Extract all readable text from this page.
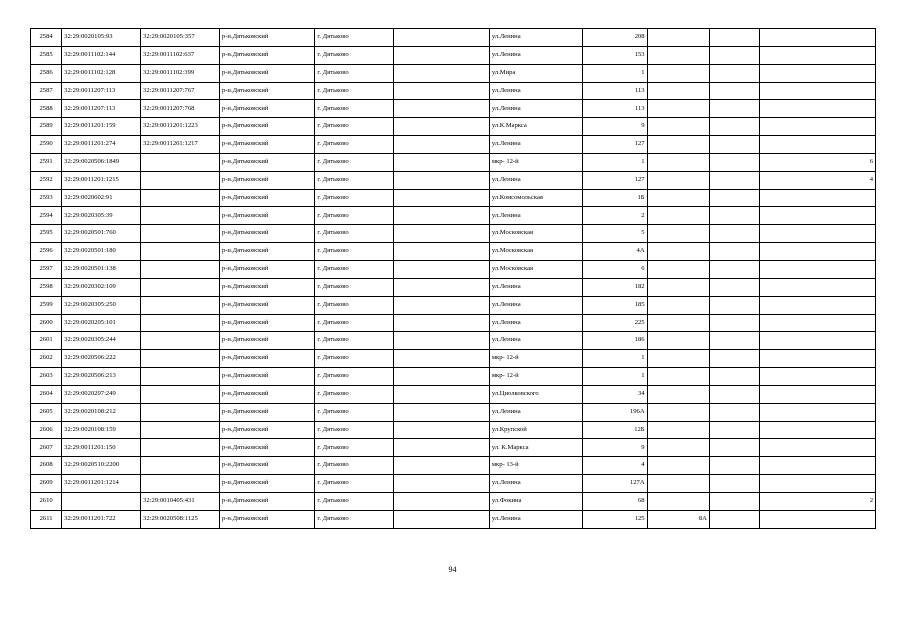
2584	32:29:0020105:93	32:29:0020105:357	р-н.Дятьковский	г. Дятьково		ул.Ленина	208			
2585	32:29:0011102:144	32:29:0011102:637	р-н.Дятьковский	г. Дятьково		ул.Ленина	153			
2586	32:29:0011102:128	32:29:0011102:399	р-н.Дятьковский	г. Дятьково		ул.Мира	1			
2587	32:29:0011207:113	32:29:0011207:767	р-н.Дятьковский	г. Дятьково		ул.Ленина	113			
2588	32:29:0011207:113	32:29:0011207:768	р-н.Дятьковский	г. Дятьково		ул.Ленина	113			
2589	32:29:0011201:159	32:29:0011201:1223	р-н.Дятьковский	г. Дятьково		ул.К.Маркса	9			
2590	32:29:0011201:274	32:29:0011201:1217	р-н.Дятьковский	г. Дятьково		ул.Ленина	127			
2591	32:29:0020506:1849		р-н.Дятьковский	г. Дятьково		мкр- 12-й	1			6
2592	32:29:0011201:1215		р-н.Дятьковский	г. Дятьково		ул.Ленина	127			4
2593	32:29:0020602:91		р-н.Дятьковский	г. Дятьково		ул.Комсомольская	1Б			
2594	32:29:0020305:39		р-н.Дятьковский	г. Дятьково		ул.Ленина	2			
2595	32:29:0020501:760		р-н.Дятьковский	г. Дятьково		ул.Московская	5			
2596	32:29:0020501:180		р-н.Дятьковский	г. Дятьково		ул.Московская	4А			
2597	32:29:0020501:138		р-н.Дятьковский	г. Дятьково		ул.Московская	6			
2598	32:29:0020302:109		р-н.Дятьковский	г. Дятьково		ул.Ленина	182			
2599	32:29:0020305:250		р-н.Дятьковский	г. Дятьково		ул.Ленина	185			
2600	32:29:0020205:101		р-н.Дятьковский	г. Дятьково		ул.Ленина	225			
2601	32:29:0020305:244		р-н.Дятьковский	г. Дятьково		ул.Ленина	186			
2602	32:29:0020506:222		р-н.Дятьковский	г. Дятьково		мкр- 12-й	1			
2603	32:29:0020506:213		р-н.Дятьковский	г. Дятьково		мкр- 12-й	1			
2604	32:29:0020207:249		р-н.Дятьковский	г. Дятьково		ул.Циолковского	34			
2605	32:29:0020108:212		р-н.Дятьковский	г. Дятьково		ул.Ленина	196А			
2606	32:29:0020108:159		р-н.Дятьковский	г. Дятьково		ул.Крупской	12Б			
2607	32:29:0011201:150		р-н.Дятьковский	г. Дятьково		ул. К.Маркса	9			
2608	32:29:0020510:2200		р-н.Дятьковский	г. Дятьково		мкр- 13-й	4			
2609	32:29:0011201:1214		р-н.Дятьковский	г. Дятьково		ул.Ленина	127А			
2610		32:29:0010405:431	р-н.Дятьковский	г. Дятьково		ул.Фокина	68			2
2611	32:29:0011201:722	32:29:0020508:1125	р-н.Дятьковский	г. Дятьково		ул.Ленина	125	8А		
94
